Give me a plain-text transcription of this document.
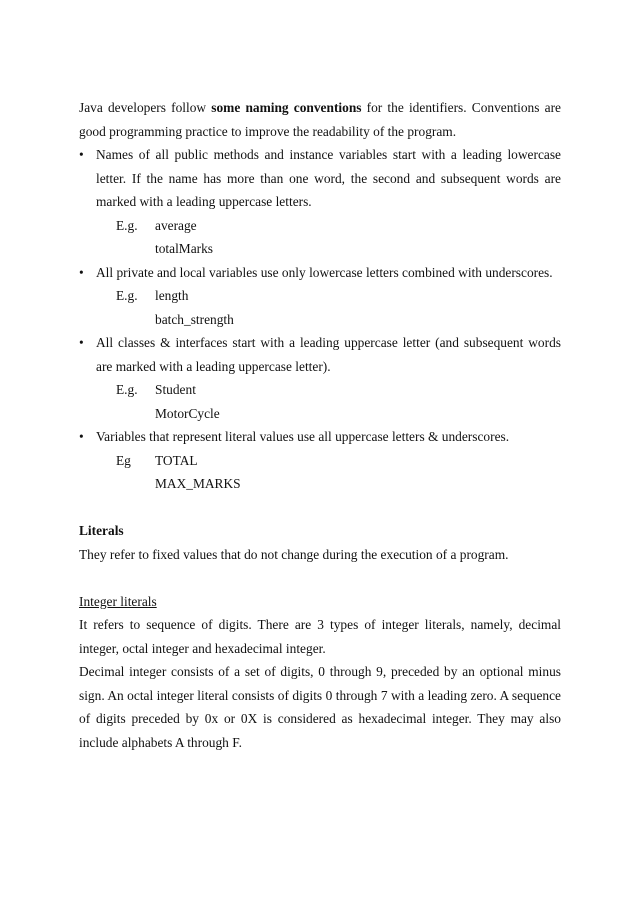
Java developers follow some naming conventions for the identifiers. Conventions are good programming practice to improve the readability of the program.

• Names of all public methods and instance variables start with a leading lowercase letter. If the name has more than one word, the second and subsequent words are marked with a leading uppercase letters.
E.g. average
totalMarks
• All private and local variables use only lowercase letters combined with underscores.
E.g. length
batch_strength
• All classes & interfaces start with a leading uppercase letter (and subsequent words are marked with a leading uppercase letter).
E.g. Student
MotorCycle
• Variables that represent literal values use all uppercase letters & underscores.
Eg TOTAL
MAX_MARKS
Literals

They refer to fixed values that do not change during the execution of a program.

Integer literals

It refers to sequence of digits. There are 3 types of integer literals, namely, decimal integer, octal integer and hexadecimal integer.

Decimal integer consists of a set of digits, 0 through 9, preceded by an optional minus sign. An octal integer literal consists of digits 0 through 7 with a leading zero. A sequence of digits preceded by 0x or 0X is considered as hexadecimal integer. They may also include alphabets A through F.
